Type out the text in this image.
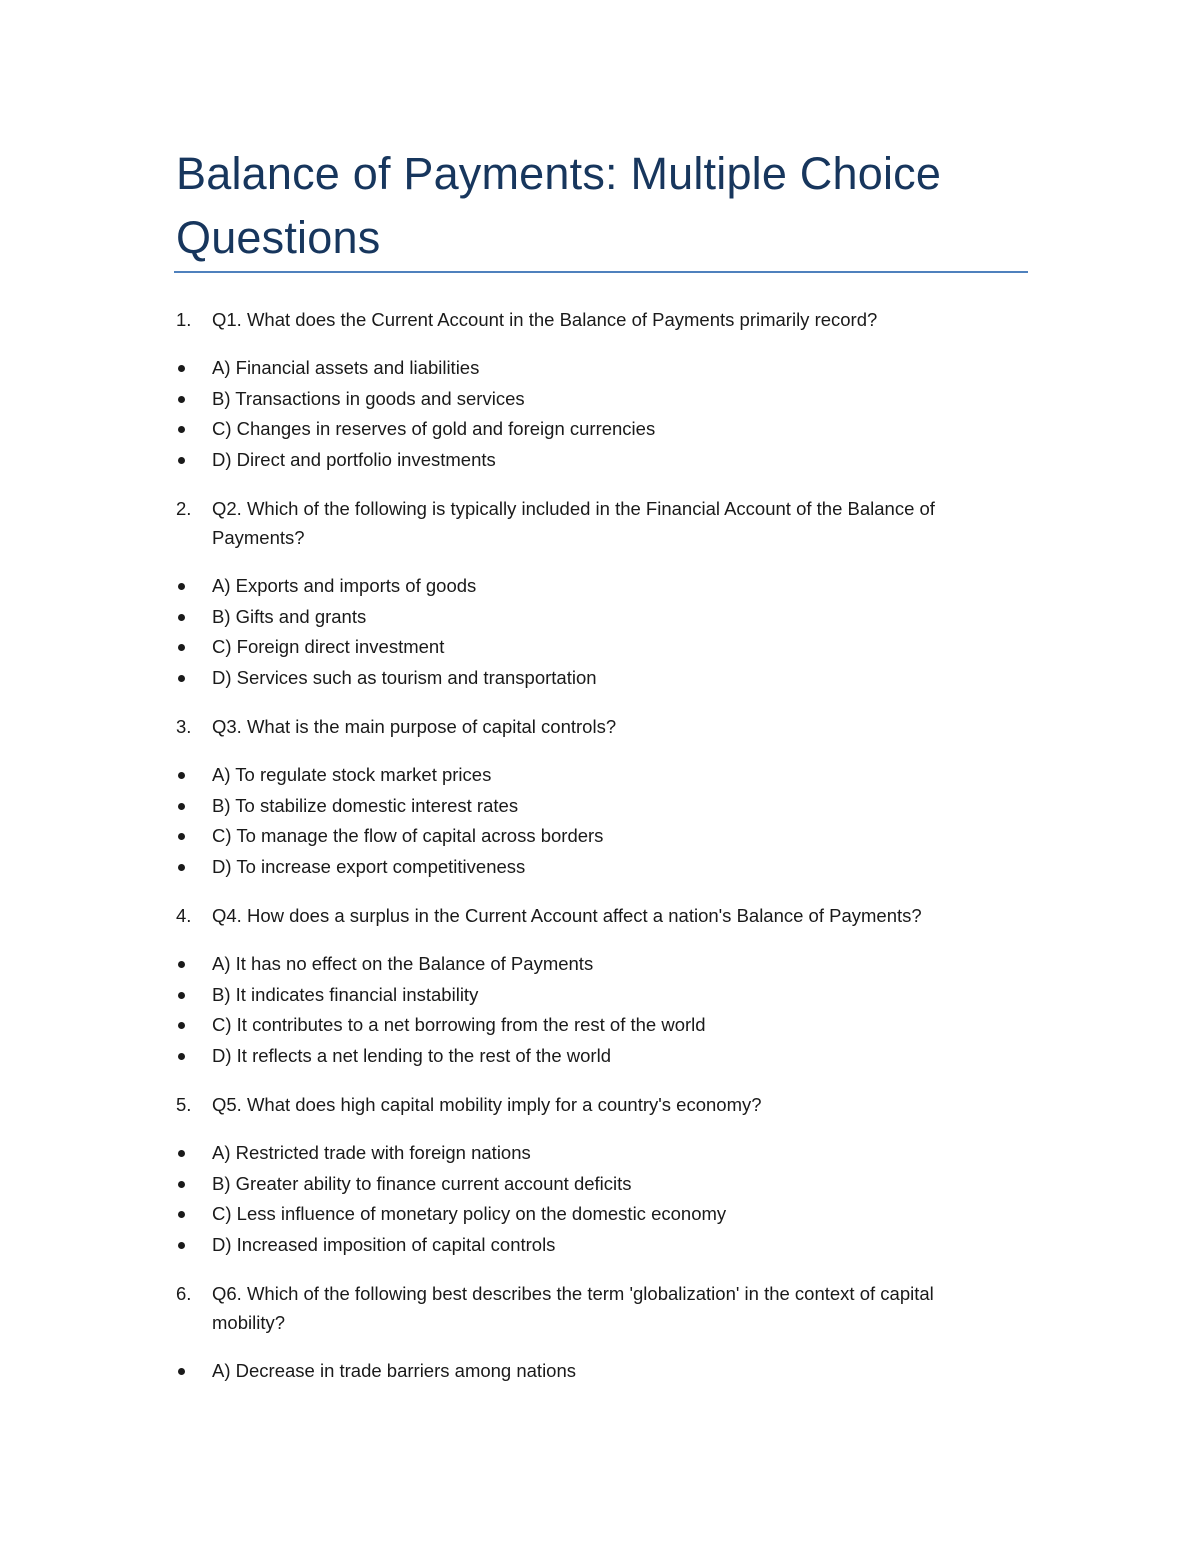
Balance of Payments: Multiple Choice Questions
1.	Q1. What does the Current Account in the Balance of Payments primarily record?
A) Financial assets and liabilities
B) Transactions in goods and services
C) Changes in reserves of gold and foreign currencies
D) Direct and portfolio investments
2.	Q2. Which of the following is typically included in the Financial Account of the Balance of Payments?
A) Exports and imports of goods
B) Gifts and grants
C) Foreign direct investment
D) Services such as tourism and transportation
3.	Q3. What is the main purpose of capital controls?
A) To regulate stock market prices
B) To stabilize domestic interest rates
C) To manage the flow of capital across borders
D) To increase export competitiveness
4.	Q4. How does a surplus in the Current Account affect a nation's Balance of Payments?
A) It has no effect on the Balance of Payments
B) It indicates financial instability
C) It contributes to a net borrowing from the rest of the world
D) It reflects a net lending to the rest of the world
5.	Q5. What does high capital mobility imply for a country's economy?
A) Restricted trade with foreign nations
B) Greater ability to finance current account deficits
C) Less influence of monetary policy on the domestic economy
D) Increased imposition of capital controls
6.	Q6. Which of the following best describes the term 'globalization' in the context of capital mobility?
A) Decrease in trade barriers among nations
